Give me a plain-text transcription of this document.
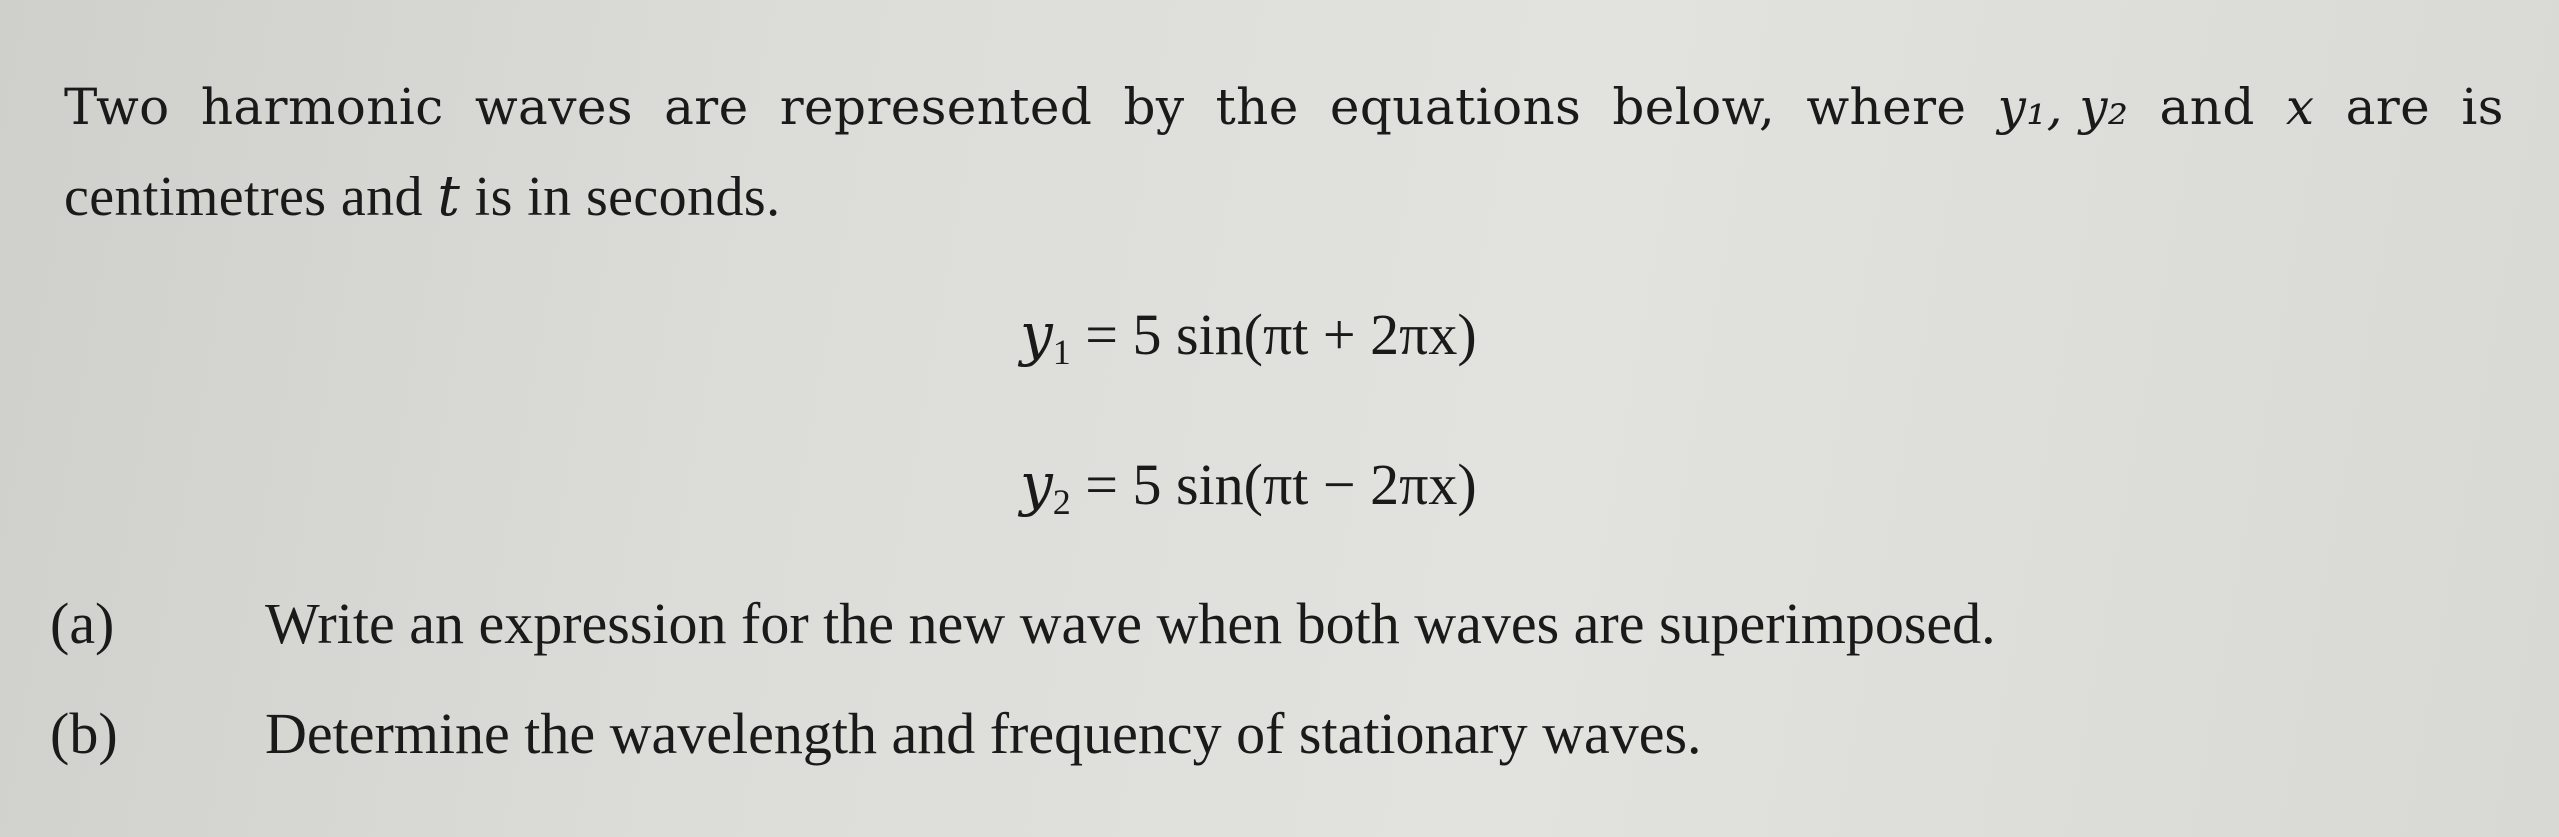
Two harmonic waves are represented by the equations below, where y₁, y₂ and x are is
centimetres and t is in seconds.
$y_1 = 5$ sin(πt + 2πx)
$y_2 = 5$ sin(πt − 2πx)
(a)	Write an expression for the new wave when both waves are superimposed.
(b)	Determine the wavelength and frequency of stationary waves.
